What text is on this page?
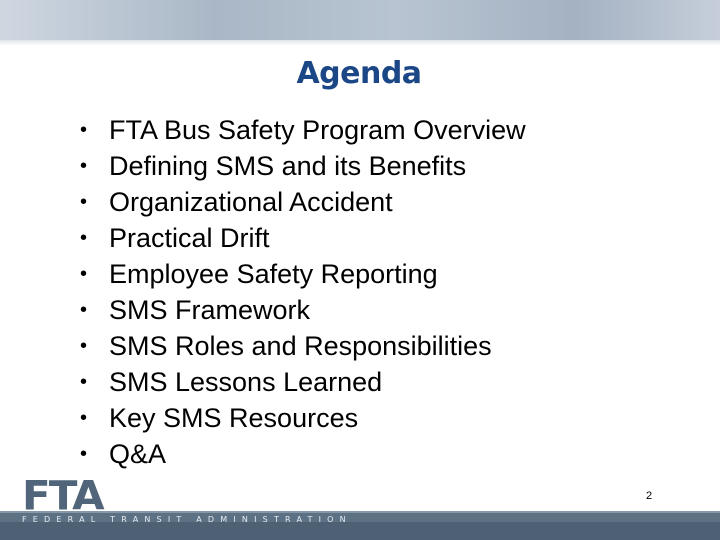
Agenda
• FTA Bus Safety Program Overview
• Defining SMS and its Benefits
• Organizational Accident
• Practical Drift
• Employee Safety Reporting
• SMS Framework
• SMS Roles and Responsibilities
• SMS Lessons Learned
• Key SMS Resources
• Q&A
FTA
FEDERAL TRANSIT ADMINISTRATION
2
